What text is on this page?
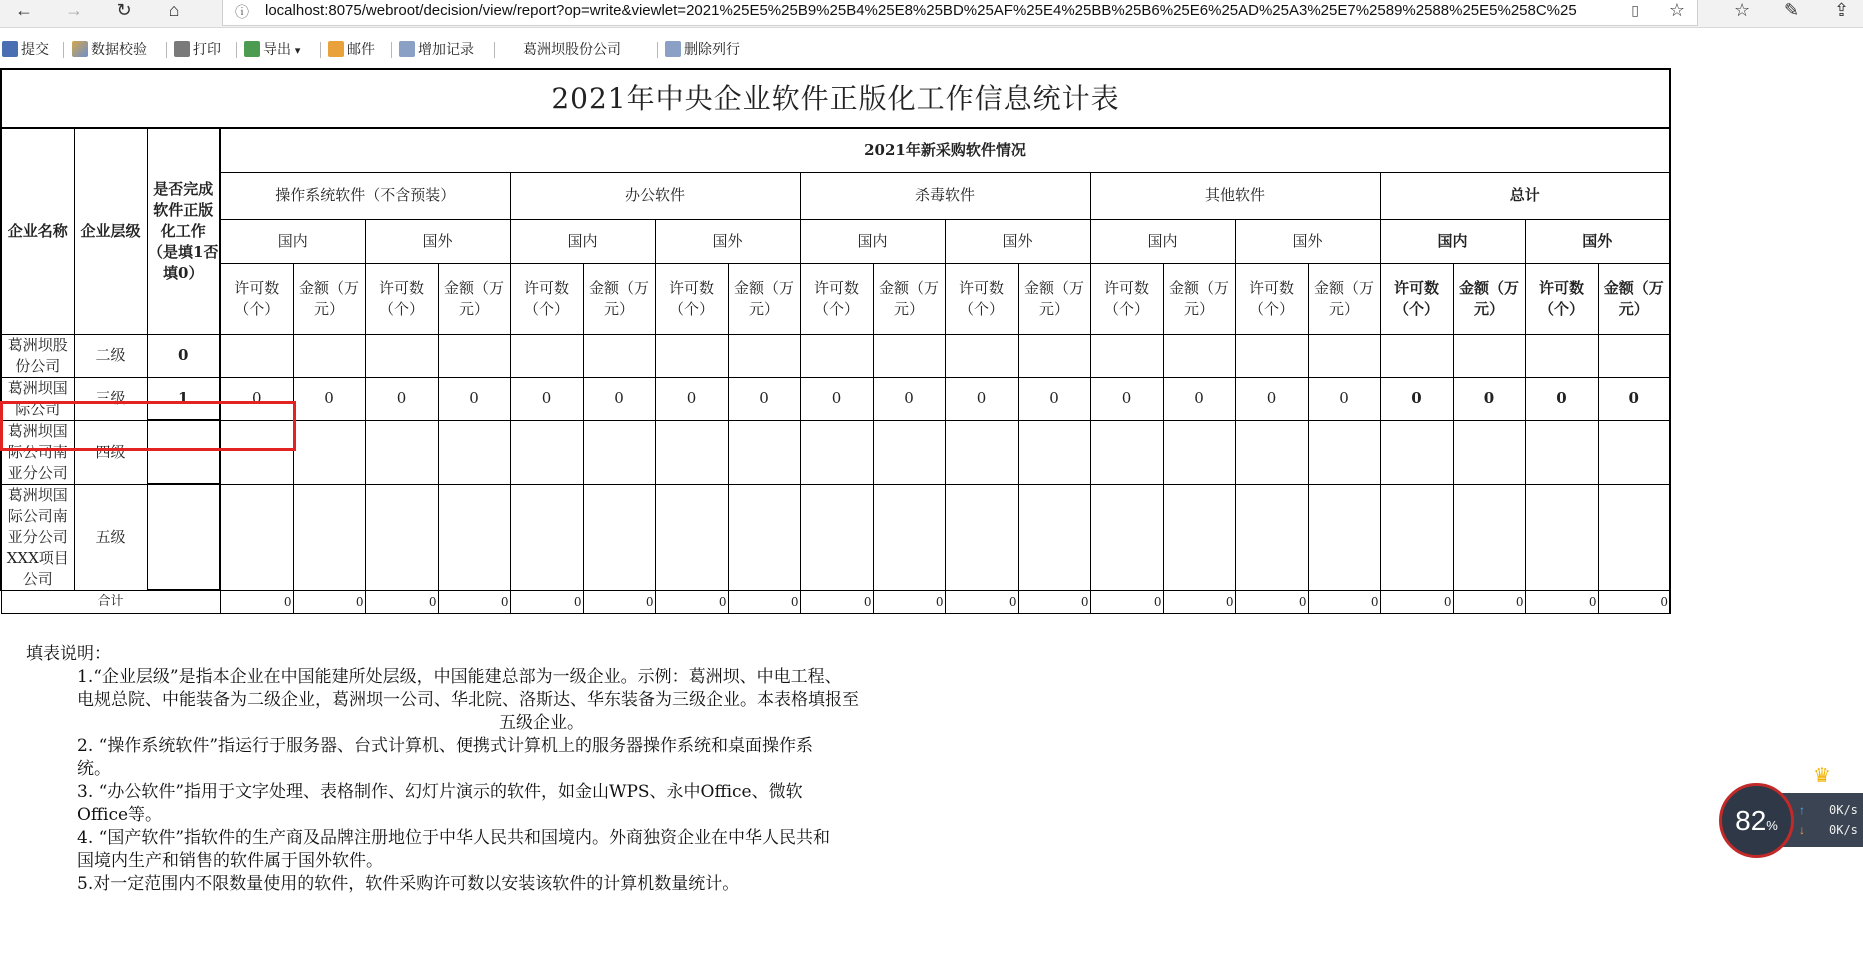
←	→	↻	⌂	ⓘ localhost:8075/webroot/decision/view/report?op=write&viewlet=2021%25E5%25B9%25B4%25E8%25BD%25AF%25E4%25BB%25B6%25E6%25AD%25A3%25E7%2589%2588%25E5%258C%25	▯ ☆	☆ ✎ ⇪
提交	数据校验	打印	导出 ▾	邮件	增加记录	葛洲坝股份公司	删除列行
2021年中央企业软件正版化工作信息统计表																						
企业名称	企业层级	是否完成软件正版化工作（是填1否填0）	2021年新采购软件情况																			
			操作系统软件（不含预装）				办公软件				杀毒软件				其他软件				总计			
			国内		国外		国内		国外		国内		国外		国内		国外		国内		国外	
			许可数（个）	金额（万元）	许可数（个）	金额（万元）	许可数（个）	金额（万元）	许可数（个）	金额（万元）	许可数（个）	金额（万元）	许可数（个）	金额（万元）	许可数（个）	金额（万元）	许可数（个）	金额（万元）	许可数（个）	金额（万元）	许可数（个）	金额（万元）
葛洲坝股份公司	二级	0																				
葛洲坝国际公司	三级	1	0	0	0	0	0	0	0	0	0	0	0	0	0	0	0	0	0	0	0	0
葛洲坝国际公司南亚分公司	四级																					
葛洲坝国际公司南亚分公司XXX项目公司	五级																					
合计			0	0	0	0	0	0	0	0	0	0	0	0	0	0	0	0	0	0	0	0

填表说明：

1.“企业层级”是指本企业在中国能建所处层级，中国能建总部为一级企业。示例：葛洲坝、中电工程、

电规总院、中能装备为二级企业，葛洲坝一公司、华北院、洛斯达、华东装备为三级企业。本表格填报至

五级企业。

2. “操作系统软件”指运行于服务器、台式计算机、便携式计算机上的服务器操作系统和桌面操作系

统。

3. “办公软件”指用于文字处理、表格制作、幻灯片演示的软件，如金山WPS、永中Office、微软

Office等。

4. “国产软件”指软件的生产商及品牌注册地位于中华人民共和国境内。外商独资企业在中华人民共和

国境内生产和销售的软件属于国外软件。

5.对一定范围内不限数量使用的软件，软件采购许可数以安装该软件的计算机数量统计。

♛
82%
↑ 0K/s
↓ 0K/s
